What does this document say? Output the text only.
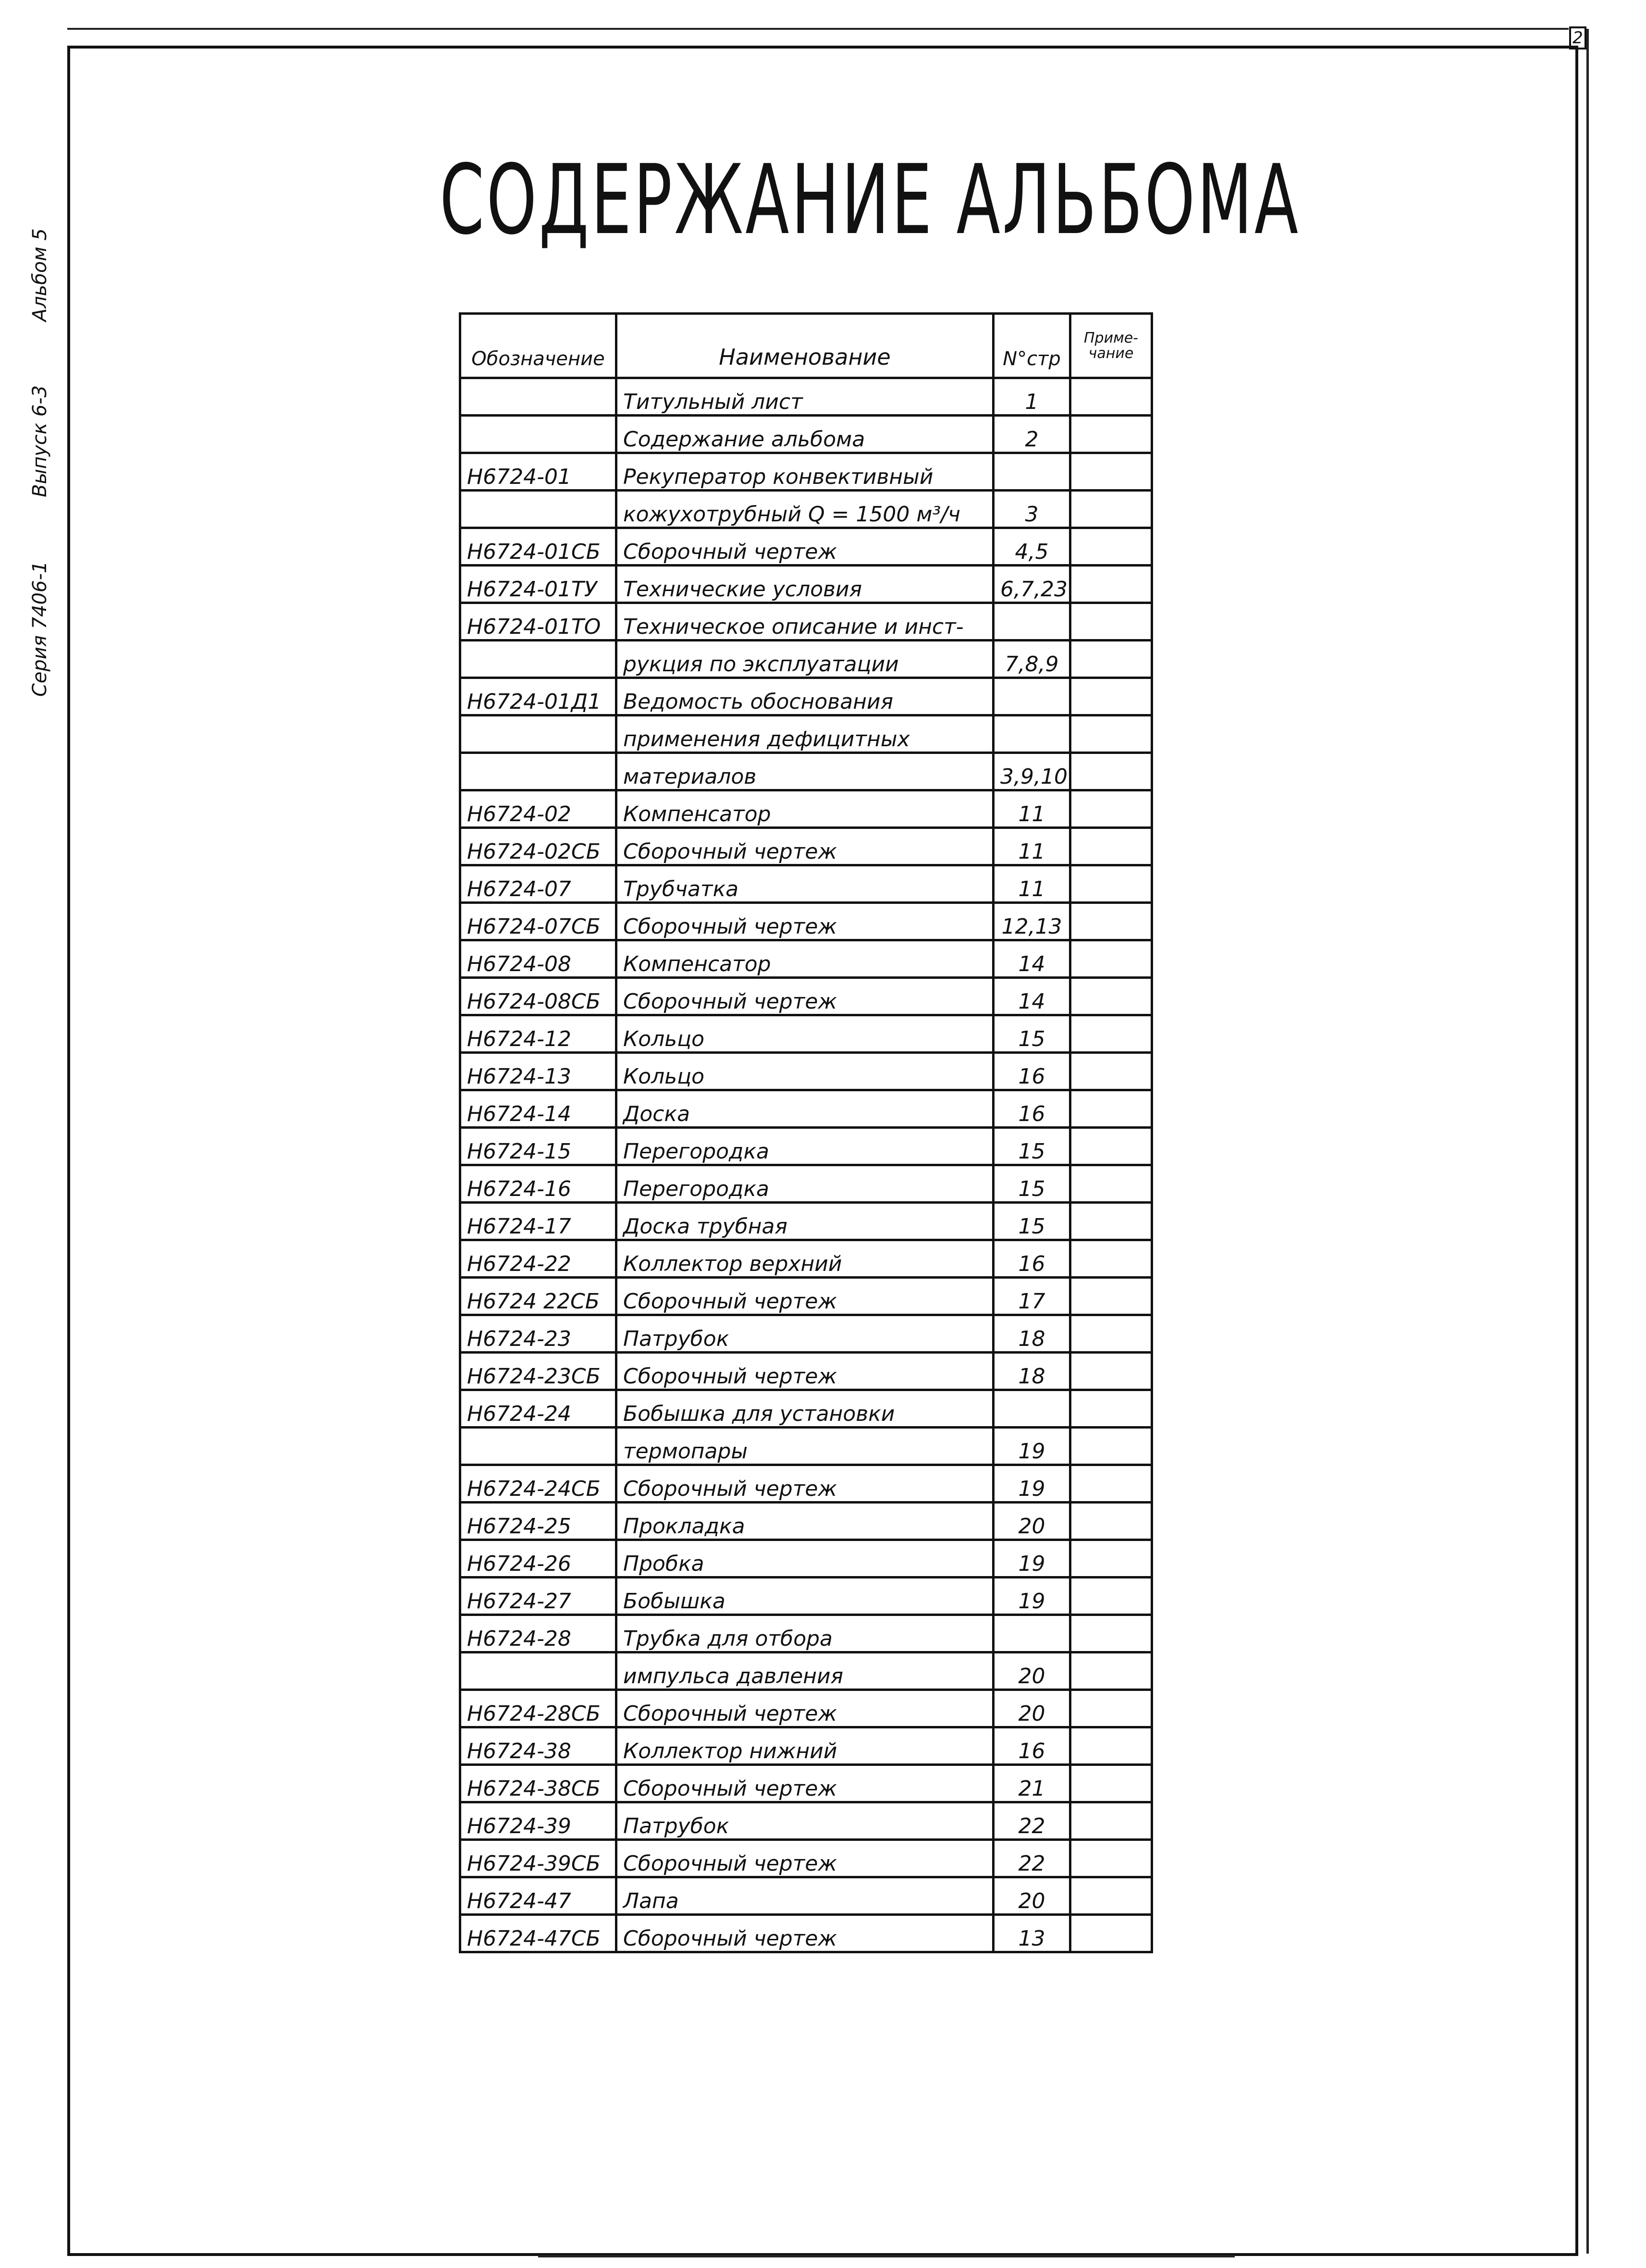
2
Серия 7406-1 Выпуск 6-3 Альбом 5
СОДЕРЖАНИЕ АЛЬБОМА
Обозначение	Наименование	N°стр	Приме-чание
	Титульный лист	1	
	Содержание альбома	2	
Н6724-01	Рекуператор конвективный		
	кожухотрубный Q = 1500 м³/ч	3	
Н6724-01СБ	Сборочный чертеж	4,5	
Н6724-01ТУ	Технические условия	6,7,23	
Н6724-01ТО	Техническое описание и инст-		
	рукция по эксплуатации	7,8,9	
Н6724-01Д1	Ведомость обоснования		
	применения дефицитных		
	материалов	3,9,10	
Н6724-02	Компенсатор	11	
Н6724-02СБ	Сборочный чертеж	11	
Н6724-07	Трубчатка	11	
Н6724-07СБ	Сборочный чертеж	12,13	
Н6724-08	Компенсатор	14	
Н6724-08СБ	Сборочный чертеж	14	
Н6724-12	Кольцо	15	
Н6724-13	Кольцо	16	
Н6724-14	Доска	16	
Н6724-15	Перегородка	15	
Н6724-16	Перегородка	15	
Н6724-17	Доска трубная	15	
Н6724-22	Коллектор верхний	16	
Н6724 22СБ	Сборочный чертеж	17	
Н6724-23	Патрубок	18	
Н6724-23СБ	Сборочный чертеж	18	
Н6724-24	Бобышка для установки		
	термопары	19	
Н6724-24СБ	Сборочный чертеж	19	
Н6724-25	Прокладка	20	
Н6724-26	Пробка	19	
Н6724-27	Бобышка	19	
Н6724-28	Трубка для отбора		
	импульса давления	20	
Н6724-28СБ	Сборочный чертеж	20	
Н6724-38	Коллектор нижний	16	
Н6724-38СБ	Сборочный чертеж	21	
Н6724-39	Патрубок	22	
Н6724-39СБ	Сборочный чертеж	22	
Н6724-47	Лапа	20	
Н6724-47СБ	Сборочный чертеж	13	
